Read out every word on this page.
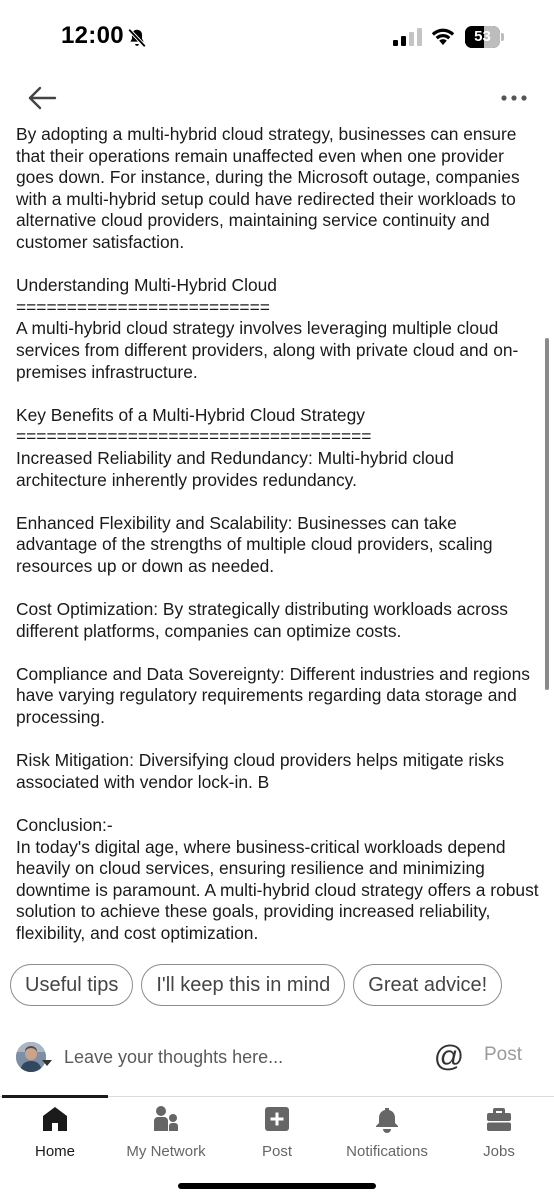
12:00	53

By adopting a multi-hybrid cloud strategy, businesses can ensure that their operations remain unaffected even when one provider goes down. For instance, during the Microsoft outage, companies with a multi-hybrid setup could have redirected their workloads to alternative cloud providers, maintaining service continuity and customer satisfaction.

Understanding Multi-Hybrid Cloud
=========================
A multi-hybrid cloud strategy involves leveraging multiple cloud services from different providers, along with private cloud and on-premises infrastructure.

Key Benefits of a Multi-Hybrid Cloud Strategy
===================================
Increased Reliability and Redundancy: Multi-hybrid cloud architecture inherently provides redundancy.

Enhanced Flexibility and Scalability: Businesses can take advantage of the strengths of multiple cloud providers, scaling resources up or down as needed.

Cost Optimization: By strategically distributing workloads across different platforms, companies can optimize costs.

Compliance and Data Sovereignty: Different industries and regions have varying regulatory requirements regarding data storage and processing.

Risk Mitigation: Diversifying cloud providers helps mitigate risks associated with vendor lock-in. B

Conclusion:-
In today's digital age, where business-critical workloads depend heavily on cloud services, ensuring resilience and minimizing downtime is paramount. A multi-hybrid cloud strategy offers a robust solution to achieve these goals, providing increased reliability, flexibility, and cost optimization.

Useful tips I'll keep this in mind Great advice!
Leave your thoughts here...
@ Post
Home	My Network	Post	Notifications	Jobs
